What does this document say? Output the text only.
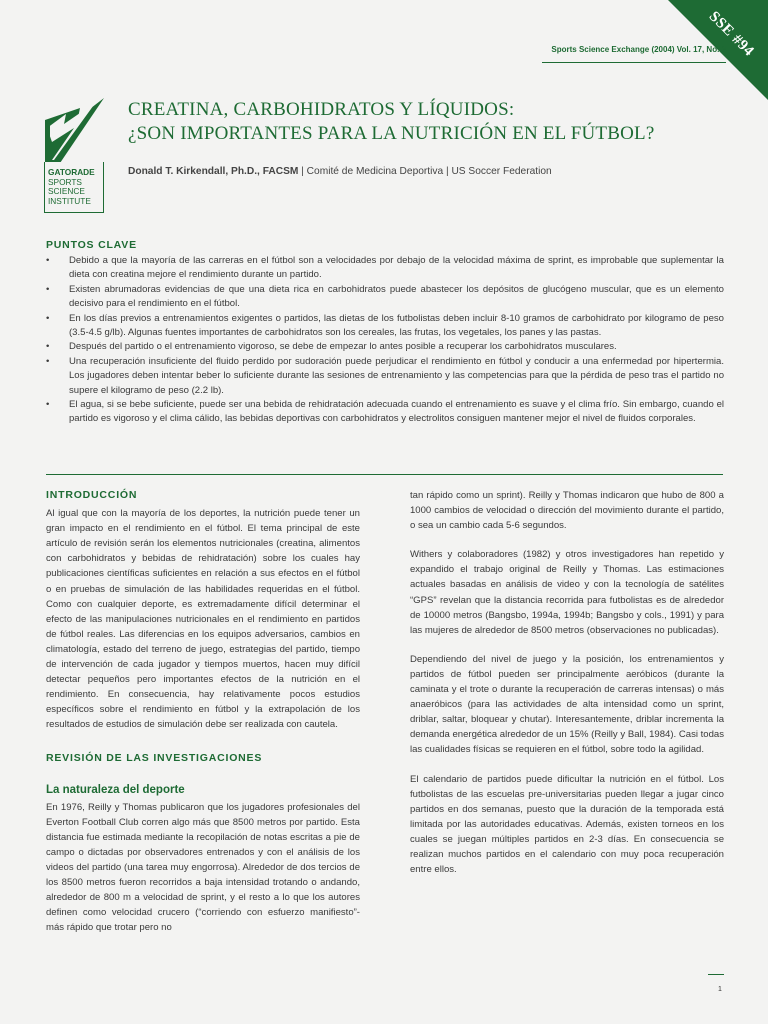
SSE #94
Sports Science Exchange (2004) Vol. 17, No. 3
GATORADE
SPORTS
SCIENCE
INSTITUTE
CREATINA, CARBOHIDRATOS Y LÍQUIDOS:
¿SON IMPORTANTES PARA LA NUTRICIÓN EN EL FÚTBOL?
Donald T. Kirkendall, Ph.D., FACSM | Comité de Medicina Deportiva | US Soccer Federation
PUNTOS CLAVE
• Debido a que la mayoría de las carreras en el fútbol son a velocidades por debajo de la velocidad máxima de sprint, es improbable que suplementar la dieta con creatina mejore el rendimiento durante un partido.
• Existen abrumadoras evidencias de que una dieta rica en carbohidratos puede abastecer los depósitos de glucógeno muscular, que es un elemento decisivo para el rendimiento en el fútbol.
• En los días previos a entrenamientos exigentes o partidos, las dietas de los futbolistas deben incluir 8-10 gramos de carbohidrato por kilogramo de peso (3.5-4.5 g/lb). Algunas fuentes importantes de carbohidratos son los cereales, las frutas, los vegetales, los panes y las pastas.
• Después del partido o el entrenamiento vigoroso, se debe de empezar lo antes posible a recuperar los carbohidratos musculares.
• Una recuperación insuficiente del fluido perdido por sudoración puede perjudicar el rendimiento en fútbol y conducir a una enfermedad por hipertermia. Los jugadores deben intentar beber lo suficiente durante las sesiones de entrenamiento y las competencias para que la pérdida de peso tras el partido no supere el kilogramo de peso (2.2 lb).
• El agua, si se bebe suficiente, puede ser una bebida de rehidratación adecuada cuando el entrenamiento es suave y el clima frío. Sin embargo, cuando el partido es vigoroso y el clima cálido, las bebidas deportivas con carbohidratos y electrolitos consiguen mantener mejor el nivel de fluidos corporales.
INTRODUCCIÓN

Al igual que con la mayoría de los deportes, la nutrición puede tener un gran impacto en el rendimiento en el fútbol. El tema principal de este artículo de revisión serán los elementos nutricionales (creatina, alimentos con carbohidratos y bebidas de rehidratación) sobre los cuales hay publicaciones científicas suficientes en relación a sus efectos en el fútbol o en pruebas de simulación de las habilidades requeridas en el fútbol. Como con cualquier deporte, es extremadamente difícil determinar el efecto de las manipulaciones nutricionales en el rendimiento en partidos de fútbol reales. Las diferencias en los equipos adversarios, cambios en climatología, estado del terreno de juego, estrategias del partido, tiempo de intervención de cada jugador y tiempos muertos, hacen muy difícil detectar pequeños pero importantes efectos de la nutrición en el rendimiento. En consecuencia, hay relativamente pocos estudios específicos sobre el rendimiento en fútbol y la extrapolación de los resultados de estudios de simulación debe ser realizada con cautela.

REVISIÓN DE LAS INVESTIGACIONES
La naturaleza del deporte

En 1976, Reilly y Thomas publicaron que los jugadores profesionales del Everton Football Club corren algo más que 8500 metros por partido. Esta distancia fue estimada mediante la recopilación de notas escritas a pie de campo o dictadas por observadores entrenados y con el análisis de los videos del partido (una tarea muy engorrosa). Alrededor de dos tercios de los 8500 metros fueron recorridos a baja intensidad trotando o andando, alrededor de 800 m a velocidad de sprint, y el resto a lo que los autores definen como velocidad crucero (“corriendo con esfuerzo manifiesto”- más rápido que trotar pero no

tan rápido como un sprint). Reilly y Thomas indicaron que hubo de 800 a 1000 cambios de velocidad o dirección del movimiento durante el partido, o sea un cambio cada 5-6 segundos.

Withers y colaboradores (1982) y otros investigadores han repetido y expandido el trabajo original de Reilly y Thomas. Las estimaciones actuales basadas en análisis de video y con la tecnología de satélites “GPS” revelan que la distancia recorrida para futbolistas es de alrededor de 10000 metros (Bangsbo, 1994a, 1994b; Bangsbo y cols., 1991) y para las mujeres de alrededor de 8500 metros (observaciones no publicadas).

Dependiendo del nivel de juego y la posición, los entrenamientos y partidos de fútbol pueden ser principalmente aeróbicos (durante la caminata y el trote o durante la recuperación de carreras intensas) o más anaeróbicos (para las actividades de alta intensidad como un sprint, driblar, saltar, bloquear y chutar). Interesantemente, driblar incrementa la demanda energética alrededor de un 15% (Reilly y Ball, 1984). Casi todas las cualidades físicas se requieren en el fútbol, sobre todo la agilidad.

El calendario de partidos puede dificultar la nutrición en el fútbol. Los futbolistas de las escuelas pre-universitarias pueden llegar a jugar cinco partidos en dos semanas, puesto que la duración de la temporada está limitada por las autoridades educativas. Además, existen torneos en los cuales se juegan múltiples partidos en 2-3 días. En consecuencia se realizan muchos partidos en el calendario con muy poca recuperación entre ellos.

1
